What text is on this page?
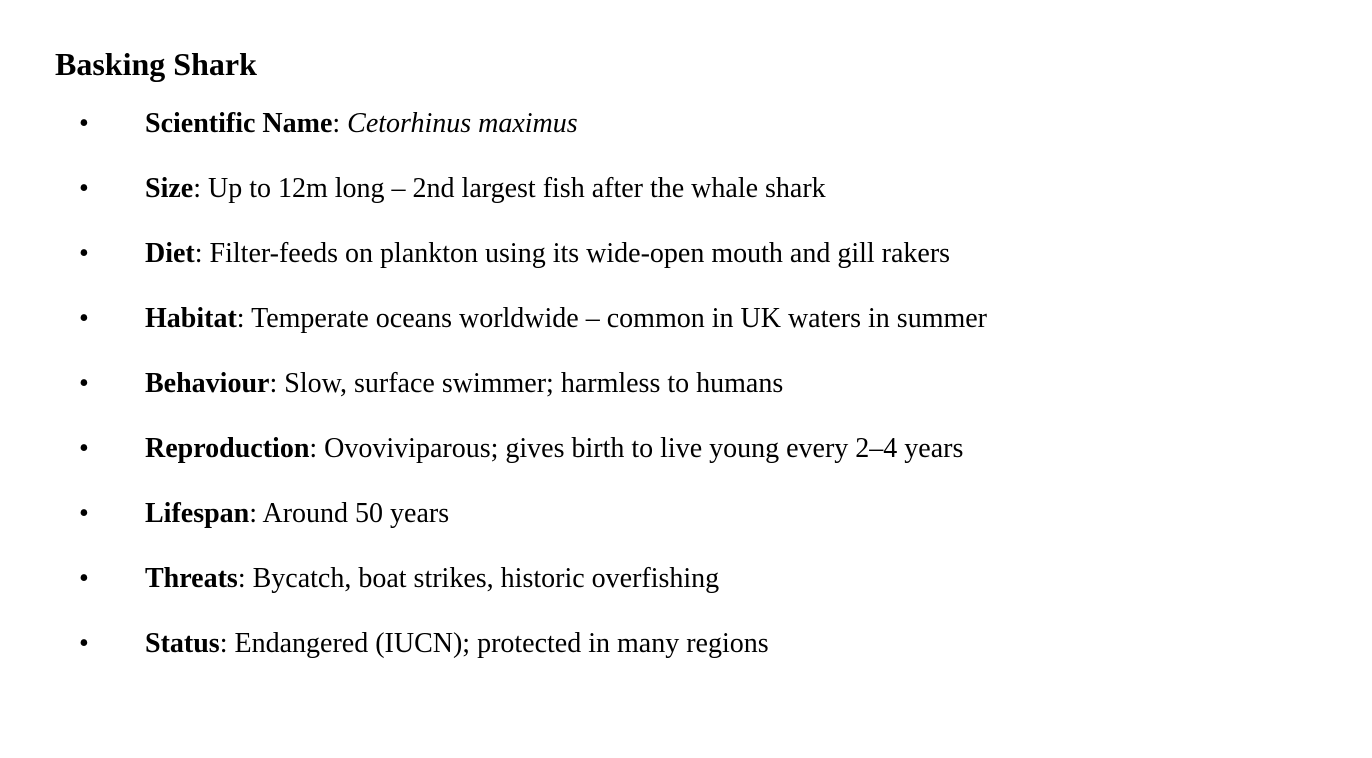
Basking Shark
•	Scientific Name: Cetorhinus maximus
•	Size: Up to 12m long – 2nd largest fish after the whale shark
•	Diet: Filter-feeds on plankton using its wide-open mouth and gill rakers
•	Habitat: Temperate oceans worldwide – common in UK waters in summer
•	Behaviour: Slow, surface swimmer; harmless to humans
•	Reproduction: Ovoviviparous; gives birth to live young every 2–4 years
•	Lifespan: Around 50 years
•	Threats: Bycatch, boat strikes, historic overfishing
•	Status: Endangered (IUCN); protected in many regions
